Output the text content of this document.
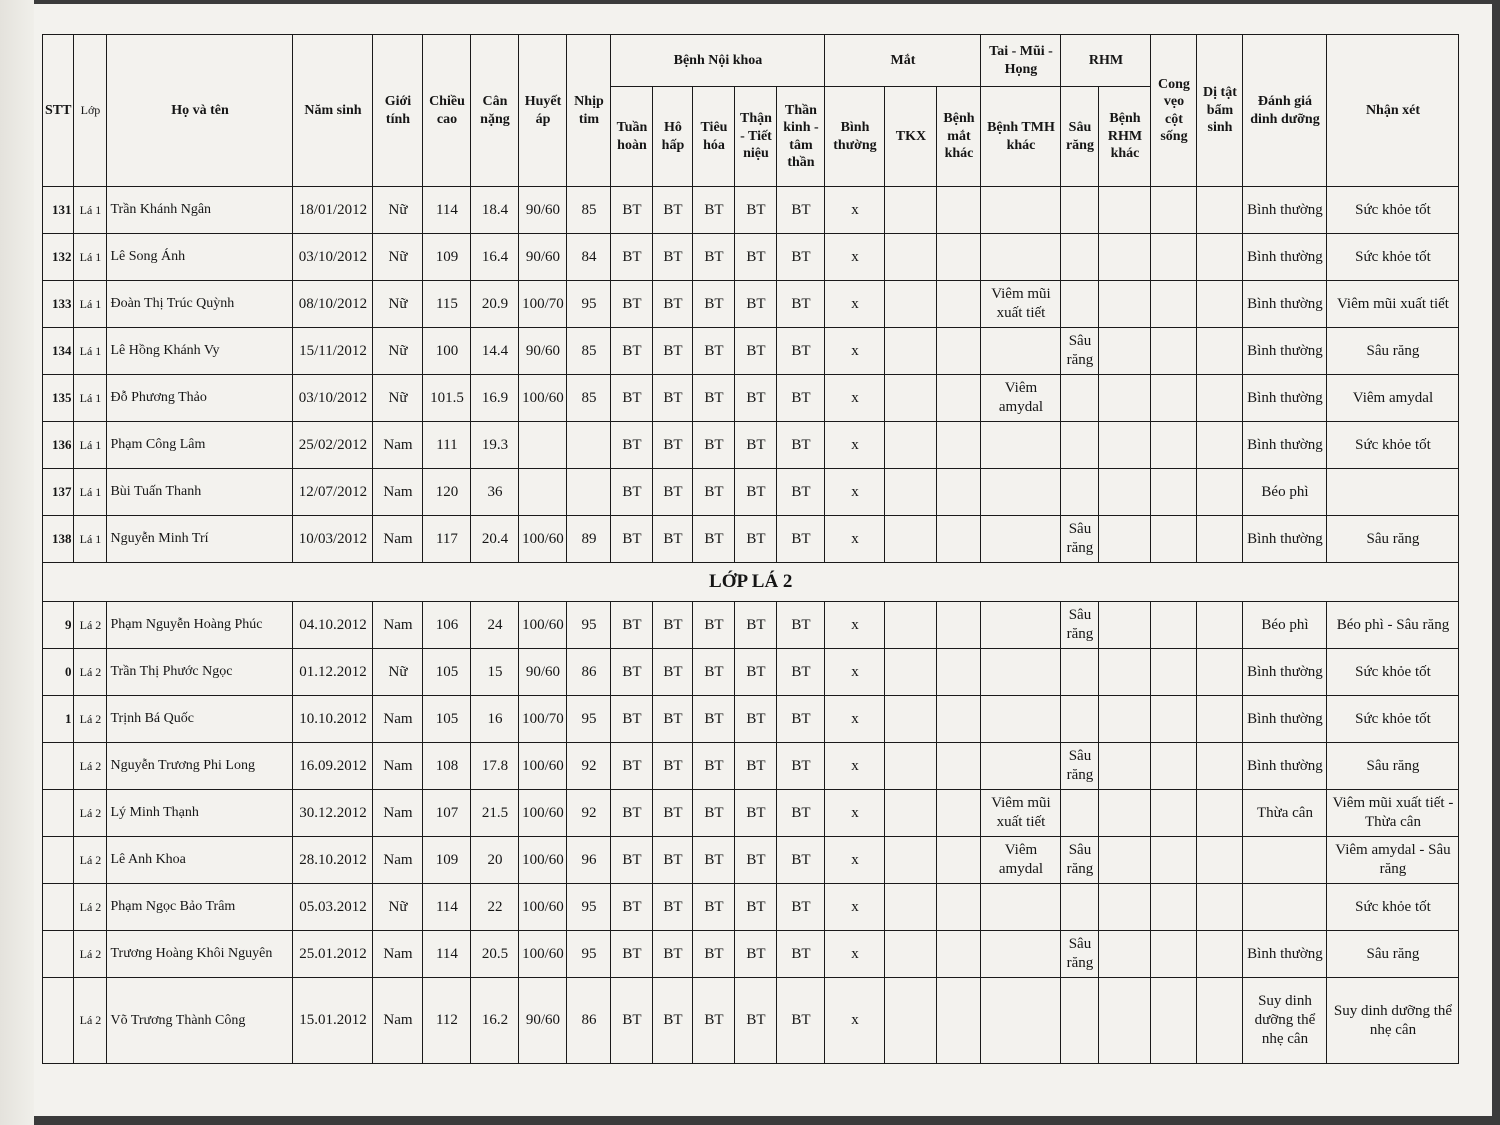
STT	Lớp	Họ và tên	Năm sinh	Giới tính	Chiều cao	Cân nặng	Huyết áp	Nhịp tim	Bệnh Nội khoa					Mắt			Tai - Mũi - Họng	RHM		Cong vẹo cột sống	Dị tật bẩm sinh	Đánh giá dinh dưỡng	Nhận xét
									Tuần hoàn	Hô hấp	Tiêu hóa	Thận - Tiết niệu	Thần kinh - tâm thần	Bình thường	TKX	Bệnh mắt khác	Bệnh TMH khác	Sâu răng	Bệnh RHM khác				
131	Lá 1	Trần Khánh Ngân	18/01/2012	Nữ	114	18.4	90/60	85	BT	BT	BT	BT	BT	x								Bình thường	Sức khỏe tốt
132	Lá 1	Lê Song Ánh	03/10/2012	Nữ	109	16.4	90/60	84	BT	BT	BT	BT	BT	x								Bình thường	Sức khỏe tốt
133	Lá 1	Đoàn Thị Trúc Quỳnh	08/10/2012	Nữ	115	20.9	100/70	95	BT	BT	BT	BT	BT	x			Viêm mũi xuất tiết					Bình thường	Viêm mũi xuất tiết
134	Lá 1	Lê Hồng Khánh Vy	15/11/2012	Nữ	100	14.4	90/60	85	BT	BT	BT	BT	BT	x				Sâu răng				Bình thường	Sâu răng
135	Lá 1	Đỗ Phương Thảo	03/10/2012	Nữ	101.5	16.9	100/60	85	BT	BT	BT	BT	BT	x			Viêm amydal					Bình thường	Viêm amydal
136	Lá 1	Phạm Công Lâm	25/02/2012	Nam	111	19.3			BT	BT	BT	BT	BT	x								Bình thường	Sức khỏe tốt
137	Lá 1	Bùi Tuấn Thanh	12/07/2012	Nam	120	36			BT	BT	BT	BT	BT	x								Béo phì	
138	Lá 1	Nguyễn Minh Trí	10/03/2012	Nam	117	20.4	100/60	89	BT	BT	BT	BT	BT	x				Sâu răng				Bình thường	Sâu răng
LỚP LÁ 2																							
9	Lá 2	Phạm Nguyễn Hoàng Phúc	04.10.2012	Nam	106	24	100/60	95	BT	BT	BT	BT	BT	x				Sâu răng				Béo phì	Béo phì - Sâu răng
0	Lá 2	Trần Thị Phước Ngọc	01.12.2012	Nữ	105	15	90/60	86	BT	BT	BT	BT	BT	x								Bình thường	Sức khỏe tốt
1	Lá 2	Trịnh Bá Quốc	10.10.2012	Nam	105	16	100/70	95	BT	BT	BT	BT	BT	x								Bình thường	Sức khỏe tốt
	Lá 2	Nguyễn Trương Phi Long	16.09.2012	Nam	108	17.8	100/60	92	BT	BT	BT	BT	BT	x				Sâu răng				Bình thường	Sâu răng
	Lá 2	Lý Minh Thạnh	30.12.2012	Nam	107	21.5	100/60	92	BT	BT	BT	BT	BT	x			Viêm mũi xuất tiết					Thừa cân	Viêm mũi xuất tiết - Thừa cân
	Lá 2	Lê Anh Khoa	28.10.2012	Nam	109	20	100/60	96	BT	BT	BT	BT	BT	x			Viêm amydal	Sâu răng					Viêm amydal - Sâu răng
	Lá 2	Phạm Ngọc Bảo Trâm	05.03.2012	Nữ	114	22	100/60	95	BT	BT	BT	BT	BT	x									Sức khỏe tốt
	Lá 2	Trương Hoàng Khôi Nguyên	25.01.2012	Nam	114	20.5	100/60	95	BT	BT	BT	BT	BT	x				Sâu răng				Bình thường	Sâu răng
	Lá 2	Võ Trương Thành Công	15.01.2012	Nam	112	16.2	90/60	86	BT	BT	BT	BT	BT	x								Suy dinh dưỡng thể nhẹ cân	Suy dinh dưỡng thể nhẹ cân
